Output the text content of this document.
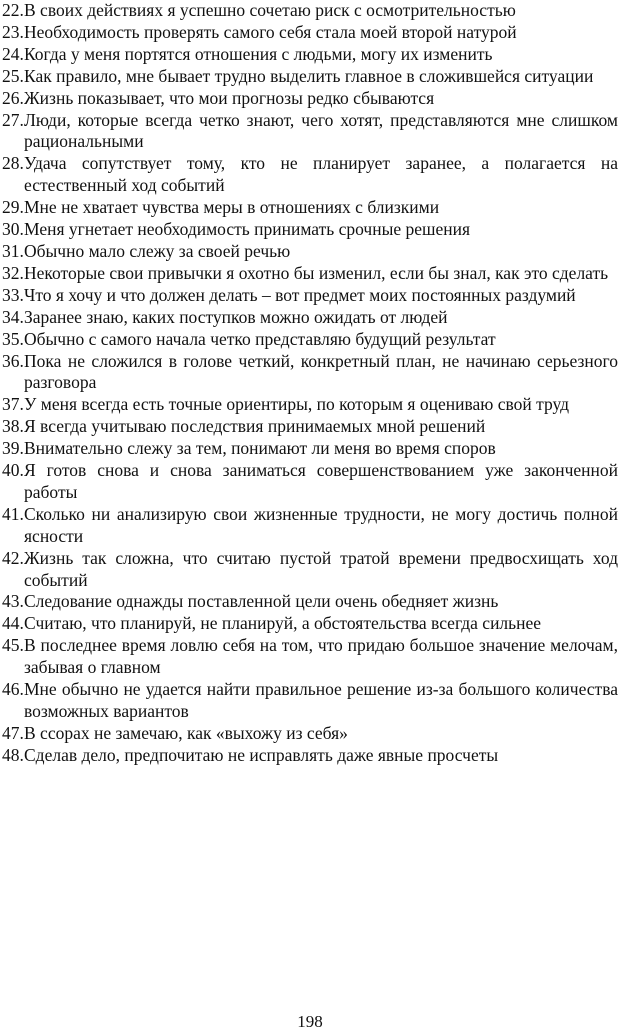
22. В своих действиях я успешно сочетаю риск с осмотрительностью
23. Необходимость проверять самого себя стала моей второй натурой
24. Когда у меня портятся отношения с людьми, могу их изменить
25. Как правило, мне бывает трудно выделить главное в сложившейся ситуации
26. Жизнь показывает, что мои прогнозы редко сбываются
27. Люди, которые всегда четко знают, чего хотят, представляются мне слишком рациональными
28. Удача сопутствует тому, кто не планирует заранее, а полагается на естественный ход событий
29. Мне не хватает чувства меры в отношениях с близкими
30. Меня угнетает необходимость принимать срочные решения
31. Обычно мало слежу за своей речью
32. Некоторые свои привычки я охотно бы изменил, если бы знал, как это сделать
33. Что я хочу и что должен делать – вот предмет моих постоянных раздумий
34. Заранее знаю, каких поступков можно ожидать от людей
35. Обычно с самого начала четко представляю будущий результат
36. Пока не сложился в голове четкий, конкретный план, не начинаю серьезного разговора
37. У меня всегда есть точные ориентиры, по которым я оцениваю свой труд
38. Я всегда учитываю последствия принимаемых мной решений
39. Внимательно слежу за тем, понимают ли меня во время споров
40. Я готов снова и снова заниматься совершенствованием уже законченной работы
41. Сколько ни анализирую свои жизненные трудности, не могу достичь полной ясности
42. Жизнь так сложна, что считаю пустой тратой времени предвосхищать ход событий
43. Следование однажды поставленной цели очень обедняет жизнь
44. Считаю, что планируй, не планируй, а обстоятельства всегда сильнее
45. В последнее время ловлю себя на том, что придаю большое значение мелочам, забывая о главном
46. Мне обычно не удается найти правильное решение из-за большого количества возможных вариантов
47. В ссорах не замечаю, как «выхожу из себя»
48. Сделав дело, предпочитаю не исправлять даже явные просчеты
198
